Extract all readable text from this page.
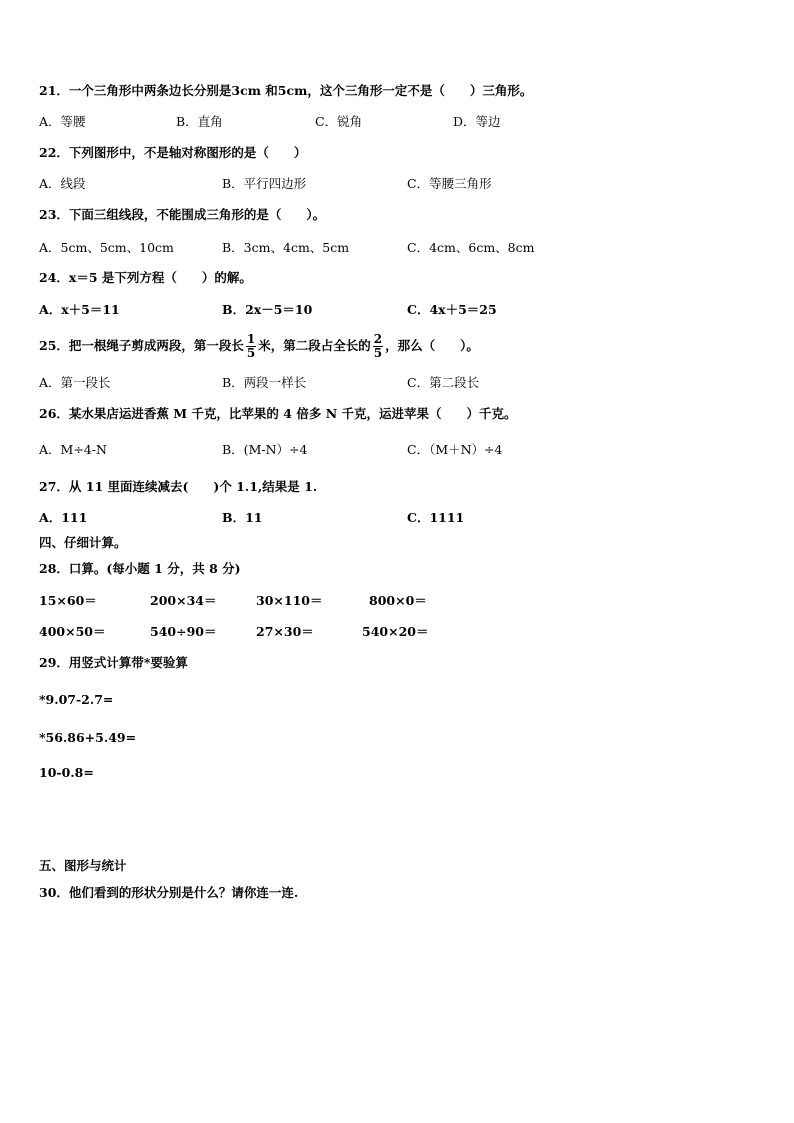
21．一个三角形中两条边长分别是3cm 和5cm，这个三角形一定不是（　　）三角形。
A．等腰	B．直角	C．锐角	D．等边
22．下列图形中，不是轴对称图形的是（　　）
A．线段	B．平行四边形	C．等腰三角形
23．下面三组线段，不能围成三角形的是（　　）。
A．5cm、5cm、10cm	B．3cm、4cm、5cm	C．4cm、6cm、8cm
24．x＝5 是下列方程（　　）的解。
A．x＋5＝11	B．2x－5＝10	C．4x＋5＝25
25．把一根绳子剪成两段，第一段长 $\frac{1}{5}$ 米，第二段占全长的 $\frac{2}{5}$ ，那么（　　）。
A．第一段长	B．两段一样长	C．第二段长
26．某水果店运进香蕉 M 千克，比苹果的 4 倍多 N 千克，运进苹果（　　）千克。
A．M÷4-N	B．(M-N）÷4	C．（M＋N）÷4
27．从 11 里面连续减去(　　)个 1.1,结果是 1.
A．111	B．11	C．1111
四、仔细计算。
28．口算。(每小题 1 分，共 8 分)
15×60＝	200×34＝	30×110＝	800×0＝
400×50＝	540÷90＝	27×30＝	540×20＝
29．用竖式计算带*要验算
*9.07-2.7=
*56.86+5.49=
10-0.8=
五、图形与统计
30．他们看到的形状分别是什么？请你连一连.
